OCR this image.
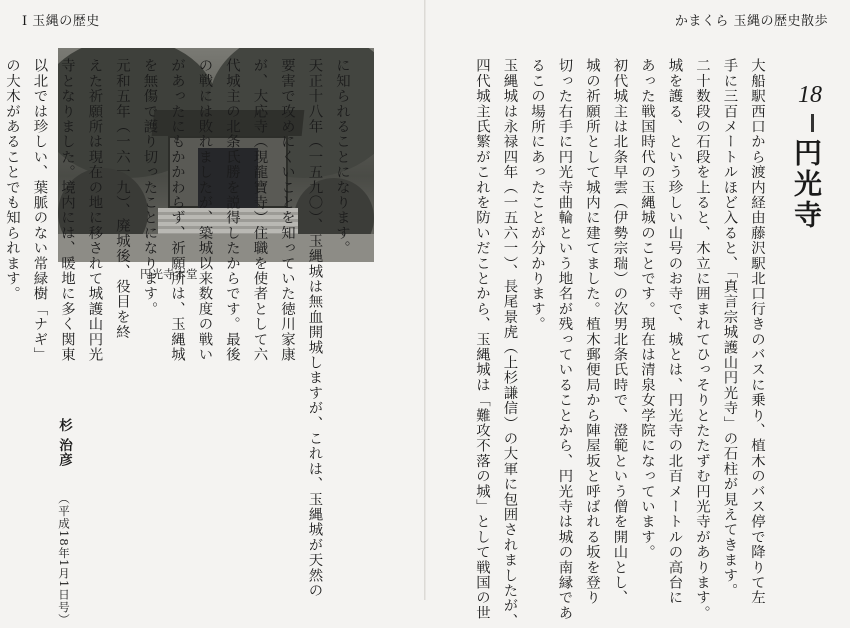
Ⅰ 玉縄の歴史	かまくら 玉縄の歴史散歩
18
円光寺
大船駅西口から渡内経由藤沢駅北口行きのバスに乗り、植木のバス停で降りて左
手に三百メートルほど入ると、「真言宗城護山円光寺」の石柱が見えてきます。
二十数段の石段を上ると、木立に囲まれてひっそりとたたずむ円光寺があります。
城を護る、という珍しい山号のお寺で、城とは、円光寺の北百メートルの高台に
あった戦国時代の玉縄城のことです。現在は清泉女学院になっています。
初代城主は北条早雲（伊勢宗瑞）の次男北条氏時で、澄範という僧を開山とし、
城の祈願所として城内に建てました。植木郵便局から陣屋坂と呼ばれる坂を登り
切った右手に円光寺曲輪という地名が残っていることから、円光寺は城の南縁であ
るこの場所にあったことが分かります。
玉縄城は永禄四年（一五六一）、長尾景虎（上杉謙信）の大軍に包囲されましたが、
四代城主氏繁がこれを防いだことから、玉縄城は「難攻不落の城」として戦国の世
円光寺本堂
に知られることになります。
天正十八年（一五九〇）、玉縄城は無血開城しますが、これは、玉縄城が天然の
要害で攻めにくいことを知っていた徳川家康
が、大応寺（現龍寶寺）住職を使者として六
代城主の北条氏勝を説得したからです。最後
の戦には敗れましたが、築城以来数度の戦い
があったにもかかわらず、祈願所は、玉縄城
を無傷で護り切ったことになります。
元和五年（一六一九）、廃城後、役目を終
えた祈願所は現在の地に移されて城護山円光
寺となりました。境内には、暖地に多く関東
以北では珍しい、葉脈のない常緑樹「ナギ」
の大木があることでも知られます。
杉 治彦 （平成18年1月1日号）
